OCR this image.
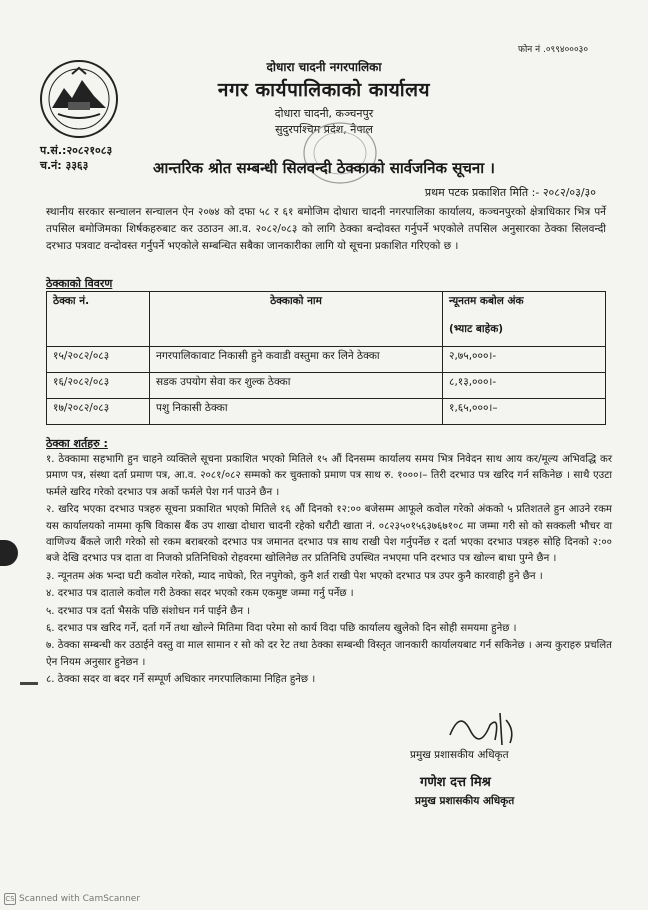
फोन नं .०९९४०००३०
दोधारा चादनी नगरपालिका
नगर कार्यपालिकाको कार्यालय
दोधारा चादनी, कञ्चनपुर
सुदुरपश्चिम प्रदेश, नेपाल
प.सं.:२०८२१०८३
च.नं: ३३६३	आन्तरिक श्रोत सम्बन्धी सिलवन्दी ठेक्काको सार्वजनिक सूचना ।
प्रथम पटक प्रकाशित मिति :- २०८२/०३/३०
स्थानीय सरकार सन्चालन सन्चालन ऐन २०७४ को दफा ५८ र ६१ बमोजिम दोधारा चादनी नगरपालिका कार्यालय, कञ्चनपुरको क्षेत्राधिकार भित्र पर्ने तपसिल बमोजिमका शिर्षकहरुबाट कर उठाउन आ.व. २०८२/०८३ को लागि ठेक्का बन्दोवस्त गर्नुपर्ने भएकोले तपसिल अनुसारका ठेक्का सिलवन्दी दरभाउ पत्रवाट वन्दोवस्त गर्नुपर्ने भएकोले सम्बन्धित सबैका जानकारीका लागि यो सूचना प्रकाशित गरिएको छ ।
ठेक्काको विवरण
ठेक्का नं.	ठेक्काको नाम	न्यूनतम कबोल अंक
(भ्याट बाहेक)

१५/२०८२/०८३	नगरपालिकावाट निकासी हुने कवाडी वस्तुमा कर लिने ठेक्का	२,७५,०००।-
१६/२०८२/०८३	सडक उपयोग सेवा कर शुल्क ठेक्का	८,१३,०००।-
१७/२०८२/०८३	पशु निकासी ठेक्का	१,६५,०००।–
ठेक्का शर्तहरु :

१. ठेक्कामा सहभागि हुन चाहने व्यक्तिले सूचना प्रकाशित भएको मितिले १५ औं दिनसम्म कार्यालय समय भित्र निवेदन साथ आय कर/मूल्य अभिवद्धि कर प्रमाण पत्र, संस्था दर्ता प्रमाण पत्र, आ.व. २०८१/०८२ सम्मको कर चुक्ताको प्रमाण पत्र साथ रु. १०००।– तिरी दरभाउ पत्र खरिद गर्न सकिनेछ । साथै एउटा फर्मले खरिद गरेको दरभाउ पत्र अर्को फर्मले पेश गर्न पाउने छैन ।

२. खरिद भएका दरभाउ पत्रहरु सूचना प्रकाशित भएको मितिले १६ औं दिनको १२:०० बजेसम्म आफूले कवोल गरेको अंकको ५ प्रतिशतले हुन आउने रकम यस कार्यालयको नाममा कृषि विकास बैंक उप शाखा दोधारा चादनी रहेको धरौटी खाता नं. ०८२३५०१५६३७६७१०८ मा जम्मा गरी सो को सक्कली भौचर वा वाणिज्य बैंकले जारी गरेको सो रकम बराबरको दरभाउ पत्र जमानत दरभाउ पत्र साथ राखी पेश गर्नुपर्नेछ र दर्ता भएका दरभाउ पत्रहरु सोहि दिनको २:०० बजे देखि दरभाउ पत्र दाता वा निजको प्रतिनिधिको रोहवरमा खोलिनेछ तर प्रतिनिधि उपस्थित नभएमा पनि दरभाउ पत्र खोल्न बाधा पुग्ने छैन ।

३. न्यूनतम अंक भन्दा घटी कवोल गरेको, म्याद नाघेको, रित नपुगेको, कुनै शर्त राखी पेश भएको दरभाउ पत्र उपर कुनै कारवाही हुने छैन ।

४. दरभाउ पत्र दाताले कवोल गरी ठेक्का सदर भएको रकम एकमुष्ट जम्मा गर्नु पर्नेछ ।

५. दरभाउ पत्र दर्ता भैसके पछि संशोधन गर्न पाईने छैन ।

६. दरभाउ पत्र खरिद गर्ने, दर्ता गर्ने तथा खोल्ने मितिमा विदा परेमा सो कार्य विदा पछि कार्यालय खुलेको दिन सोही समयमा हुनेछ ।

७. ठेक्का सम्बन्धी कर उठाईने वस्तु वा माल सामान र सो को दर रेट तथा ठेक्का सम्बन्धी विस्तृत जानकारी कार्यालयबाट गर्न सकिनेछ । अन्य कुराहरु प्रचलित ऐन नियम अनुसार हुनेछन ।

८. ठेक्का सदर वा बदर गर्ने सम्पूर्ण अधिकार नगरपालिकामा निहित हुनेछ ।

प्रमुख प्रशासकीय अधिकृत
गणेश दत्त मिश्र
प्रमुख प्रशासकीय अधिकृत
CS Scanned with CamScanner
